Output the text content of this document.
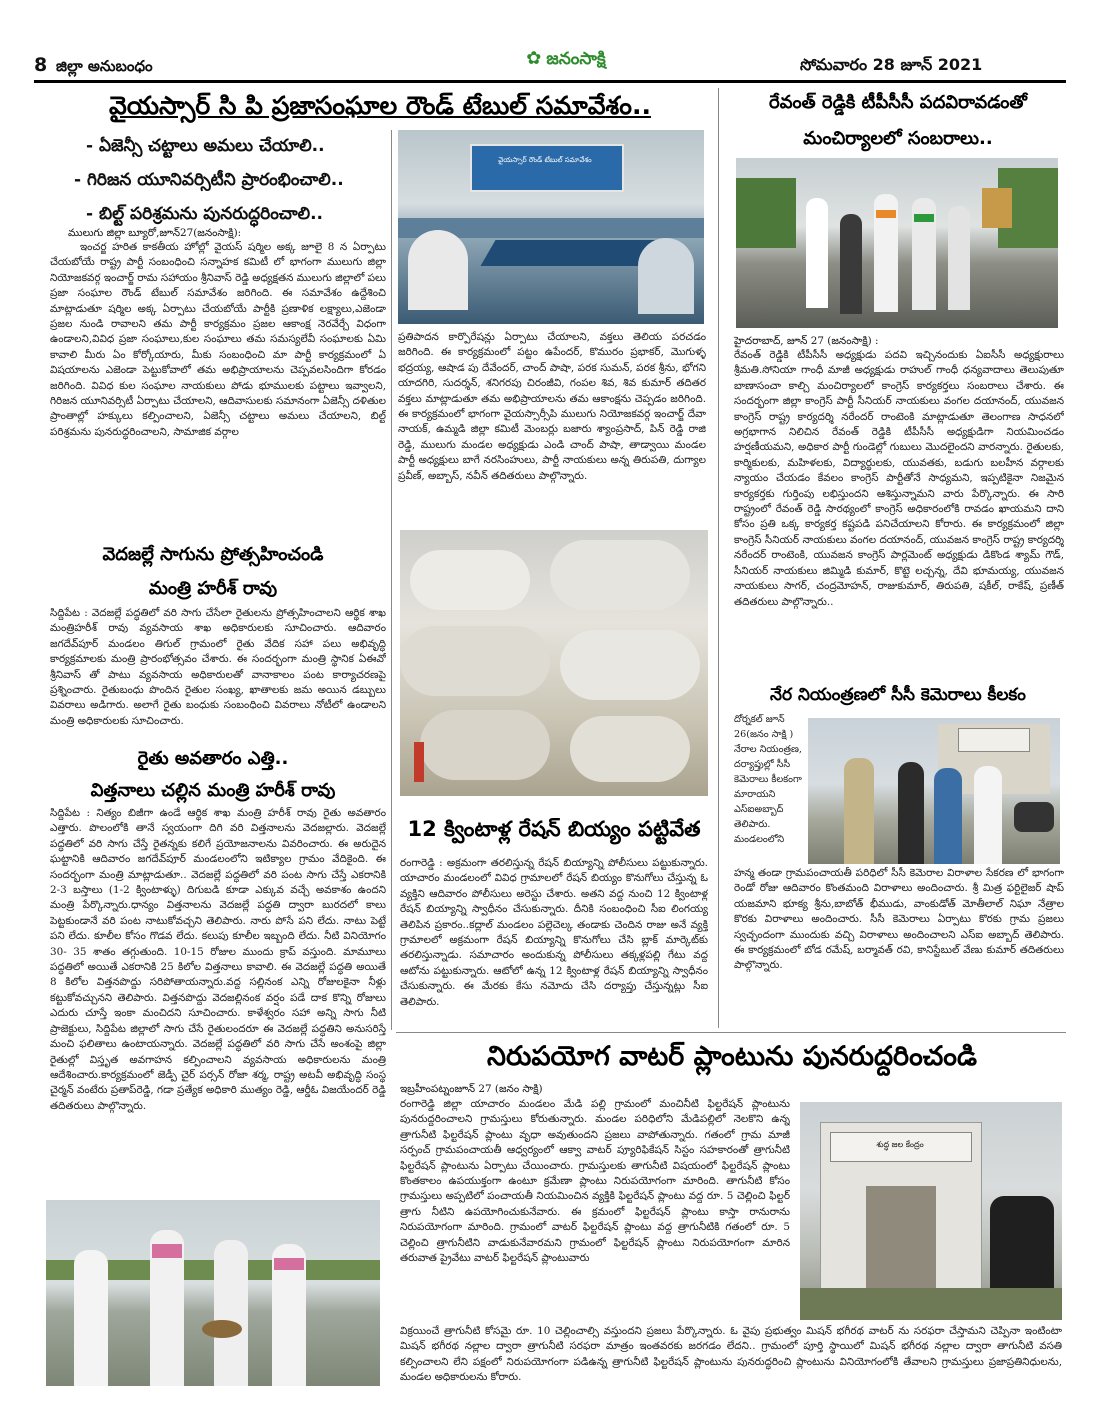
8 జిల్లా అనుబంధం	✿ జనంసాక్షి	సోమవారం 28 జూన్ 2021
వైయస్సార్ సి పి ప్రజాసంఘాల రౌండ్ టేబుల్ సమావేశం..
- ఏజెన్సీ చట్టాలు అమలు చేయాలి..
- గిరిజన యూనివర్సిటీని ప్రారంభించాలి..
- బిల్ట్ పరిశ్రమను పునరుద్ధరించాలి..
వైయస్సార్ రౌండ్ టేబుల్ సమావేశం
ములుగు జిల్లా బ్యూరో,జూన్27(జనంసాక్షి):
ఇంచర్జ హరిత కాకతీయ హోల్లో వైయస్ షర్మిల అక్క జూలై 8 న ఏర్పాటు చేయబోయే రాష్ట్ర పార్టీ సంబంధించి సన్నాహక కమిటీ లో భాగంగా ములుగు జిల్లా నియోజకవర్గ ఇంచార్జ్ రామ సహాయం శ్రీనివాస్ రెడ్డి అధ్యక్షతన ములుగు జిల్లాలో పలు ప్రజా సంఘాల రౌండ్ టేబుల్ సమావేశం జరిగింది. ఈ సమావేశం ఉద్దేశించి మాట్లాడుతూ షర్మిల అక్క ఏర్పాటు చేయబోయే పార్టీకి ప్రణాళిక లక్ష్యాలు,ఎజెండా ప్రజల నుండి రావాలని తమ పార్టీ కార్యక్రమం ప్రజల ఆకాంక్ష నెరవేర్చే విధంగా ఉండాలని,వివిధ ప్రజా సంఘాలు,కుల సంఘాలు తమ సమస్యలేవీ సంఘాలకు ఏమి కావాలి మీరు ఏం కోర్కోయారు, మీకు సంబంధించి మా పార్టీ కార్యక్రమంలో ఏ విషయాలను ఎజెండా పెట్టుకోవాలో తమ అభిప్రాయాలను చెప్పవలసిందిగా కోరడం జరిగింది. వివిధ కుల సంఘాల నాయకులు పోడు భూములకు పట్టాలు ఇవ్వాలని, గిరిజన యూనివర్సిటీ ఏర్పాటు చేయాలని, ఆదివాసులకు సమానంగా ఏజెన్సీ దళితుల ప్రాంతాల్లో హక్కులు కల్పించాలని, ఏజెన్సీ చట్టాలు అమలు చేయాలని, బిల్ట్ పరిశ్రమను పునరుద్ధరించాలని, సామాజిక వర్గాల
ప్రతిపాదన కార్పొరేషన్లు ఏర్పాటు చేయాలని, వక్తలు తెలియ పరచడం జరిగింది. ఈ కార్యక్రమంలో పట్టం ఉపేందర్, కొమురం ప్రభాకర్, మొగుళ్ళ భద్రయ్య, ఆషాడ పు దేవేందర్, చాంద్ పాషా, పరక సుమన్, పరక శ్రీను, భోగని యాదగిరి, సుదర్శన్, శనిగరపు చిరంజీవి, గంపల శివ, శివ కుమార్ తదితర వక్తలు మాట్లాడుతూ తమ అభిప్రాయాలను తమ ఆకాంక్షను చెప్పడం జరిగింది. ఈ కార్యక్రమంలో భాగంగా వైయస్సార్సీపి ములుగు నియోజకవర్గ ఇంచార్జ్ దేవా నాయక్, ఉమ్మడి జిల్లా కమిటీ మెంబర్లు బజారు శ్యాంప్రసాద్, పిన్ రెడ్డి రాజి రెడ్డి, ములుగు మండల అధ్యక్షుడు ఎండి చాంద్ పాషా, తాడ్వాయి మండల పార్టీ అధ్యక్షులు బాగే నరసింహులు, పార్టీ నాయకులు అన్న తిరుపతి, దుగ్యాల ప్రవీణ్, అబ్బాస్, నవీన్ తదితరులు పాల్గొన్నారు.
రేవంత్ రెడ్డికి టీపీసీసీ పదవిరావడంతో
మంచిర్యాలలో సంబరాలు..
హైదరాబాద్, జూన్ 27 (జనంసాక్షి) :
రేవంత్ రెడ్డికి టీపీసీసీ అధ్యక్షుడు పదవి ఇచ్చినందుకు ఏఐసీసీ అధ్యక్షురాలు శ్రీమతి.సోనియా గాంధీ మాజీ అధ్యక్షుడు రాహుల్ గాంధీ ధన్యవాదాలు తెలుపుతూ బాణాసంచా కాల్చి మంచిర్యాలలో కాంగ్రెస్ కార్యకర్తలు సంబరాలు చేశారు. ఈ సందర్భంగా జిల్లా కాంగ్రెస్ పార్టీ సీనియర్ నాయకులు వంగల దయానంద్, యువజన కాంగ్రెస్ రాష్ట్ర కార్యదర్శి నరేందర్ రాంటెంకి మాట్లాడుతూ తెలంగాణ సాధనలో అగ్రభాగాన నిలిచిన రేవంత్ రెడ్డికి టీపీసీసీ అధ్యక్షుడిగా నియమించడం హర్షణీయమని, అధికార పార్టీ గుండెల్లో గుబులు మొదలైందని వారన్నారు. రైతులకు, కార్మికులకు, మహిళలకు, విద్యార్థులకు, యువతకు, బడుగు బలహీన వర్గాలకు న్యాయం చేయడం కేవలం కాంగ్రెస్ పార్టీతోనే సాధ్యమని, ఇప్పటికైనా నిజమైన కార్యకర్తకు గుర్తింపు లభిస్తుందని ఆశిస్తున్నామని వారు పేర్కొన్నారు. ఈ సారి రాష్ట్రంలో రేవంత్ రెడ్డి సారథ్యంలో కాంగ్రెస్ అధికారంలోకి రావడం ఖాయమని దాని కోసం ప్రతి ఒక్క కార్యకర్త కష్టపడి పనిచేయాలని కోరారు. ఈ కార్యక్రమంలో జిల్లా కాంగ్రెస్ సీనియర్ నాయకులు వంగల దయానంద్, యువజన కాంగ్రెస్ రాష్ట్ర కార్యదర్శి నరేందర్ రాంటెంకి, యువజన కాంగ్రెస్ పార్లమెంట్ అధ్యక్షుడు డికొండ శ్యామ్ గౌడ్, సీనియర్ నాయకులు జిమ్మిడి కుమార్, కొట్టె లచ్చన్న, దేవి భూమయ్య, యువజన నాయకులు సాగర్, చంద్రమోహన్, రాజుకుమార్, తిరుపతి, షకీల్, రాకేష్, ప్రణీత్ తదితరులు పాల్గొన్నారు..
వెదజల్లే సాగును ప్రోత్సహించండి
మంత్రి హరీశ్ రావు
సిద్దిపేట : వెదజల్లే పద్ధతిలో వరి సాగు చేసేలా రైతులను ప్రోత్సహించాలని ఆర్థిక శాఖ మంత్రిహరీశ్ రావు వ్యవసాయ శాఖ అధికారులకు సూచించారు. ఆదివారం జగదేవ్‌పూర్ మండలం తిగుల్ గ్రామంలో రైతు వేదిక సహా పలు అభివృద్ధి కార్యక్రమాలకు మంత్రి ప్రారంభోత్సవం చేశారు. ఈ సందర్భంగా మంత్రి స్థానిక ఏఈవో శ్రీనివాస్ తో పాటు వ్యవసాయ అధికారులతో వానాకాలం పంట కార్యాచరణపై ప్రశ్నించారు. రైతుబంధు పొందిన రైతుల సంఖ్య, ఖాతాలకు జమ అయిన డబ్బులు వివరాలు అడిగారు. అలాగే రైతు బంధుకు సంబంధించి వివరాలు నోటీలో ఉండాలని మంత్రి అధికారులకు సూచించారు.
రైతు అవతారం ఎత్తి..
విత్తనాలు చల్లిన మంత్రి హరీశ్ రావు
సిద్దిపేట : నిత్యం బిజీగా ఉండే ఆర్థిక శాఖ మంత్రి హరీశ్ రావు రైతు అవతారం ఎత్తారు. పొలంలోకి తానే స్వయంగా దిగి వరి విత్తనాలను వెదజల్లారు. వెదజల్లే పద్ధతిలో వరి సాగు చేస్తే రైతన్నకు కలిగే ప్రయోజనాలను వివరించారు. ఈ అరుదైన ఘట్టానికి ఆదివారం జగదేవ్‌పూర్ మండలంలోని ఇటిక్యాల గ్రామం వేదికైంది. ఈ సందర్భంగా మంత్రి మాట్లాడుతూ.. వెదజల్లే పద్ధతిలో వరి పంట సాగు చేస్తే ఎకరానికి 2-3 బస్తాలు (1-2 క్వింటాళ్ళు) దిగుబడి కూడా ఎక్కువ వచ్చే అవకాశం ఉందని మంత్రి పేర్కొన్నారు.ధాన్యం విత్తనాలను వెదజల్లే పద్ధతి ద్వారా బురదలో కాలు పెట్టకుండానే వరి పంట నాటుకోవచ్చని తెలిపారు. నారు పోసే పని లేదు. నాటు పెట్టే పని లేదు. కూలీల కోసం గొడవ లేదు. కలుపు కూలీల ఇబ్బంది లేదు. నీటి వినియోగం 30- 35 శాతం తగ్గుతుంది. 10-15 రోజుల ముందు క్రాప్ వస్తుంది. మామూలు పద్ధతిలో అయితే ఎకరానికి 25 కిలోల విత్తనాలు కావాలి. ఈ వెదజల్లే పద్ధతి అయితే 8 కిలోల విత్తనపొద్దు సరిపోతాయన్నారు.వద్ద సల్లినంక ఎన్ని రోజులకైనా నీళ్లు కట్టుకోవచ్చునని తెలిపారు. విత్తనపొద్దు వెదజల్లినంక వర్షం పడే దాక కొన్ని రోజులు ఎదురు చూస్తే ఇంకా మంచిదని సూచించారు. కాళేశ్వరం సహా అన్ని సాగు నీటి ప్రాజెక్టులు, సిద్దిపేట జిల్లాలో సాగు చేసే రైతులందరూ ఈ వెదజల్లే పద్ధతిని అనుసరిస్తే మంచి ఫలితాలు ఉంటాయన్నారు. వెదజల్లే పద్ధతిలో వరి సాగు చేసే అంశంపై జిల్లా రైతుల్లో విస్తృత అవగాహన కల్పించాలని వ్యవసాయ అధికారులను మంత్రి ఆదేశించారు.కార్యక్రమంలో జెడ్పీ చైర్ పర్సన్ రోజా శర్మ, రాష్ట్ర అటవీ అభివృద్ధి సంస్థ చైర్మన్ వంటేరు ప్రతాప్‌రెడ్డి, గడా ప్రత్యేక అధికారి ముత్యం రెడ్డి, ఆర్డీఓ విజయేందర్ రెడ్డి తదితరులు పాల్గొన్నారు.
12 క్వింటాళ్ల రేషన్ బియ్యం పట్టివేత
రంగారెడ్డి : అక్రమంగా తరలిస్తున్న రేషన్ బియ్యాన్ని పోలీసులు పట్టుకున్నారు. యాచారం మండలంలో వివిధ గ్రామాలలో రేషన్ బియ్యం కొనుగోలు చేస్తున్న ఓ వ్యక్తిని ఆదివారం పోలీసులు అరెస్టు చేశారు. అతని వద్ద నుంచి 12 క్వింటాళ్ల రేషన్ బియ్యాన్ని స్వాధీనం చేసుకున్నారు. దీనికి సంబంధించి సీఐ లింగయ్య తెలిపిన ప్రకారం..కద్లాల్ మండలం పల్లెచెల్క తండాకు చెందిన రాజు అనే వ్యక్తి గ్రామాలలో అక్రమంగా రేషన్ బియ్యాన్ని కొనుగోలు చేసి బ్లాక్ మార్కెట్‌కు తరలిస్తున్నాడు. సమాచారం అందుకున్న పోలీసులు తక్కళ్లపల్లి గేటు వద్ద ఆటోను పట్టుకున్నారు. ఆటోలో ఉన్న 12 క్వింటాళ్ల రేషన్ బియ్యాన్ని స్వాధీనం చేసుకున్నారు. ఈ మేరకు కేసు నమోదు చేసి దర్యాప్తు చేస్తున్నట్లు సీఐ తెలిపారు.
నేర నియంత్రణలో సీసీ కెమెరాలు కీలకం
దోర్నకల్ జూన్ 26(జనం సాక్షి ) నేరాల నియంత్రణ, దర్యాప్తుల్లో సీసీ కెమెరాలు కీలకంగా మారాయని ఎస్ఐఅబ్బాద్ తెలిపారు. మండలంలోని
హన్మ తండా గ్రామపంచాయతీ పరిధిలో సీసీ కెమెరాల విరాళాల సేకరణ లో భాగంగా రెండో రోజు ఆదివారం కొంతమంది విరాళాలు అందించారు. శ్రీ మిత్ర ఫర్టిలైజర్ షాప్ యజమాని భూక్య శ్రీను,బాబోత్ భీముడు, వాంకుడోత్ మోతీలాల్ నిఘా నేత్రాల కొరకు విరాళాలు అందించారు. సీసీ కెమెరాలు ఏర్పాటు కొరకు గ్రామ ప్రజలు స్వచ్ఛందంగా ముందుకు వచ్చి విరాళాలు అందించాలని ఎస్ఐ అబ్బాద్ తెలిపారు. ఈ కార్యక్రమంలో బోడ రమేష్, బర్మావత్ రవి, కానిస్టేబుల్ వేణు కుమార్ తదితరులు పాల్గొన్నారు.
నిరుపయోగ వాటర్ ప్లాంటును పునరుద్దరించండి
ఇబ్రహీంపట్నంజూన్ 27 (జనం సాక్షి)
రంగారెడ్డి జిల్లా యాచారం మండలం మేడి పల్లి గ్రామంలో మంచినీటి ఫిల్టరేషన్ ప్లాంటును పునరుద్దరించాలని గ్రామస్తులు కోరుతున్నారు. మండల పరిధిలోని మేడిపల్లిలో నెలకొని ఉన్న త్రాగునీటి ఫిల్టరేషన్ ప్లాంటు వృధా అవుతుందని ప్రజలు వాపోతున్నారు. గతంలో గ్రామ మాజీ సర్పంచ్ గ్రామపంచాయతీ ఆధ్వర్యంలో ఆక్వా వాటర్ ప్యూరిఫికేషన్ సిస్టం సహకారంతో త్రాగునీటి ఫిల్టరేషన్ ప్లాంటును ఏర్పాటు చేయించారు. గ్రామస్తులకు తాగునీటి విషయంలో ఫిల్టరేషన్ ప్లాంటు కొంతకాలం ఉపయుక్తంగా ఉంటూ క్రమేణా ప్లాంటు నిరుపయోగంగా మారింది. తాగునీటి కోసం గ్రామస్తులు అప్పటిలో పంచాయతీ నియమించిన వ్యక్తికి ఫిల్టరేషన్ ప్లాంటు వద్ద రూ. 5 చెల్లించి ఫిల్టర్ త్రాగు నీటిని ఉపయోగించుకునేవారు. ఈ క్రమంలో ఫిల్టరేషన్ ప్లాంటు కాస్తా రానురాను నిరుపయోగంగా మారింది. గ్రామంలో వాటర్ ఫిల్టరేషన్ ప్లాంటు వద్ద త్రాగునీటికి గతంలో రూ. 5 చెల్లించి త్రాగునీటిని వాడుకునేవారమని గ్రామంలో ఫిల్టరేషన్ ప్లాంటు నిరుపయోగంగా మారిన తరువాత ప్రైవేటు వాటర్ ఫిల్టరేషన్ ప్లాంటువారు
శుద్ధ జల కేంద్రం
విక్రయించే త్రాగునీటి కోసమై రూ. 10 చెల్లించాల్సి వస్తుందని ప్రజలు పేర్కొన్నారు. ఓ వైపు ప్రభుత్వం మిషన్ భగీరథ వాటర్ ను సరఫరా చేస్తామని చెప్పినా ఇంటింటా మిషన్ భగీరథ నల్లాల ద్వారా త్రాగునీటి సరఫరా మాత్రం ఇంతవరకు జరగడం లేదని.. గ్రామంలో పూర్తి స్థాయిలో మిషన్ భగీరథ నల్లాల ద్వారా తాగునీటి వసతి కల్పించాలని లేని పక్షంలో నిరుపయోగంగా పడిఉన్న త్రాగునీటి ఫిల్టరేషన్ ప్లాంటును పునరుద్ధరించి ప్లాంటును వినియోగంలోకి తేవాలని గ్రామస్తులు ప్రజాప్రతినిధులను, మండల అధికారులను కోరారు.
